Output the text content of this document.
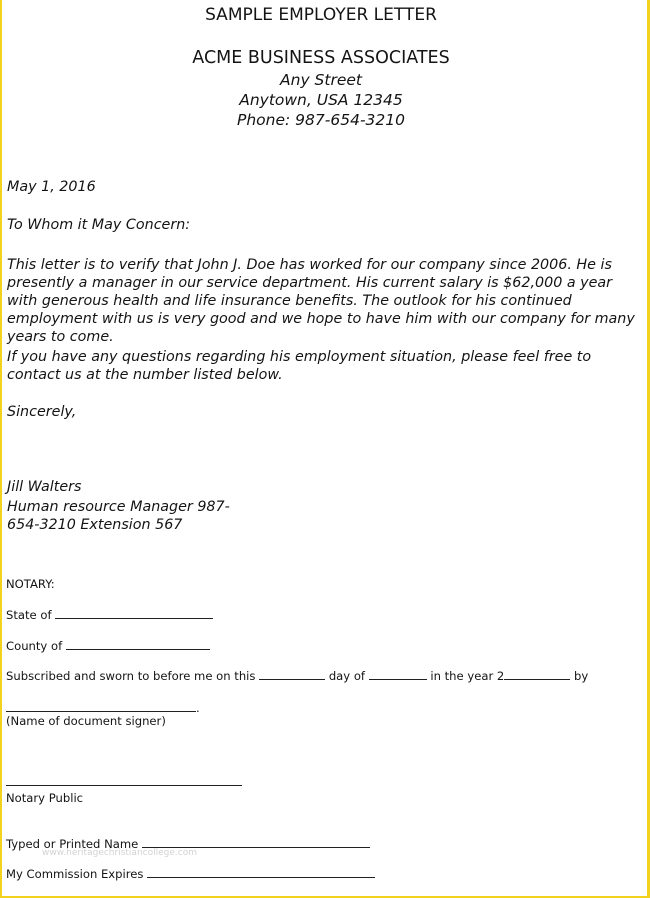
SAMPLE EMPLOYER LETTER
ACME BUSINESS ASSOCIATES
Any Street
Anytown, USA 12345
Phone: 987-654-3210

May 1, 2016

To Whom it May Concern:

This letter is to verify that John J. Doe has worked for our company since 2006. He is presently a manager in our service department. His current salary is $62,000 a year with generous health and life insurance benefits. The outlook for his continued employment with us is very good and we hope to have him with our company for many years to come.

If you have any questions regarding his employment situation, please feel free to contact us at the number listed below.

Sincerely,

Jill Walters

Human resource Manager 987-654-3210 Extension 567

NOTARY:
State of
County of
Subscribed and sworn to before me on this	day of	in the year 2	by
.
(Name of document signer)
Notary Public
Typed or Printed Name
My Commission Expires
www.heritagechristiancollege.com
